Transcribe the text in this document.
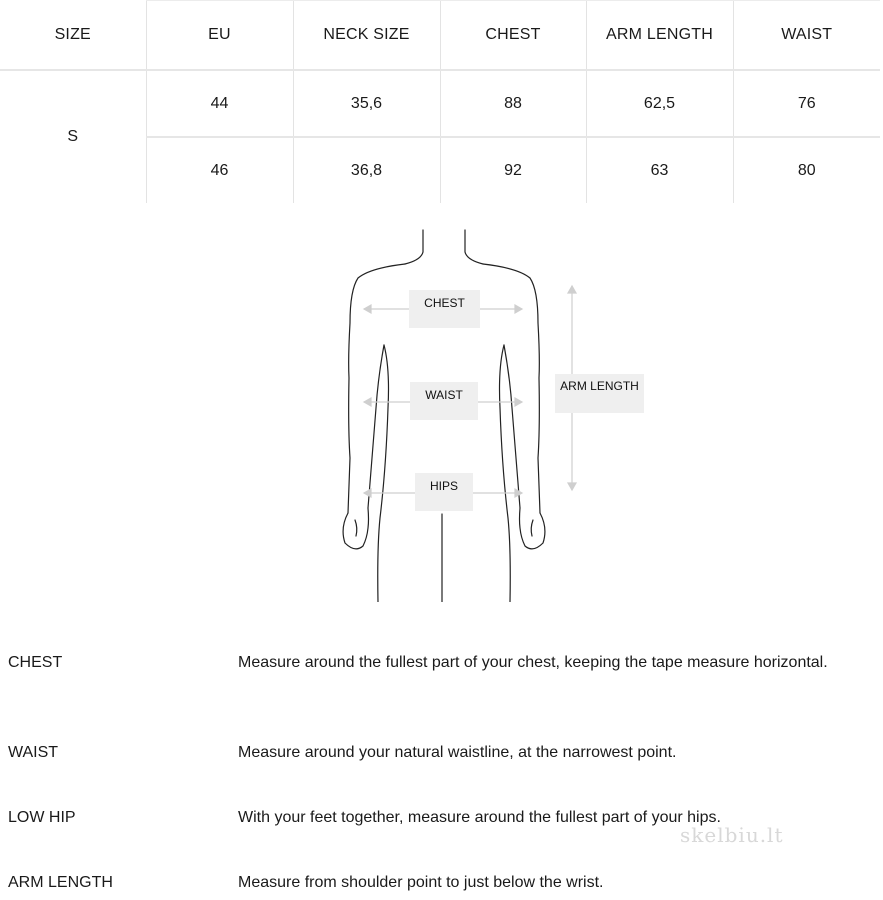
SIZE	EU	NECK SIZE	CHEST	ARM LENGTH	WAIST
S	44	35,6	88	62,5	76
	46	36,8	92	63	80
CHEST
WAIST
HIPS
ARM LENGTH
CHEST	Measure around the fullest part of your chest, keeping the tape measure horizontal.
WAIST	Measure around your natural waistline, at the narrowest point.
LOW HIP	With your feet together, measure around the fullest part of your hips.
ARM LENGTH	Measure from shoulder point to just below the wrist.
skelbiu.lt
